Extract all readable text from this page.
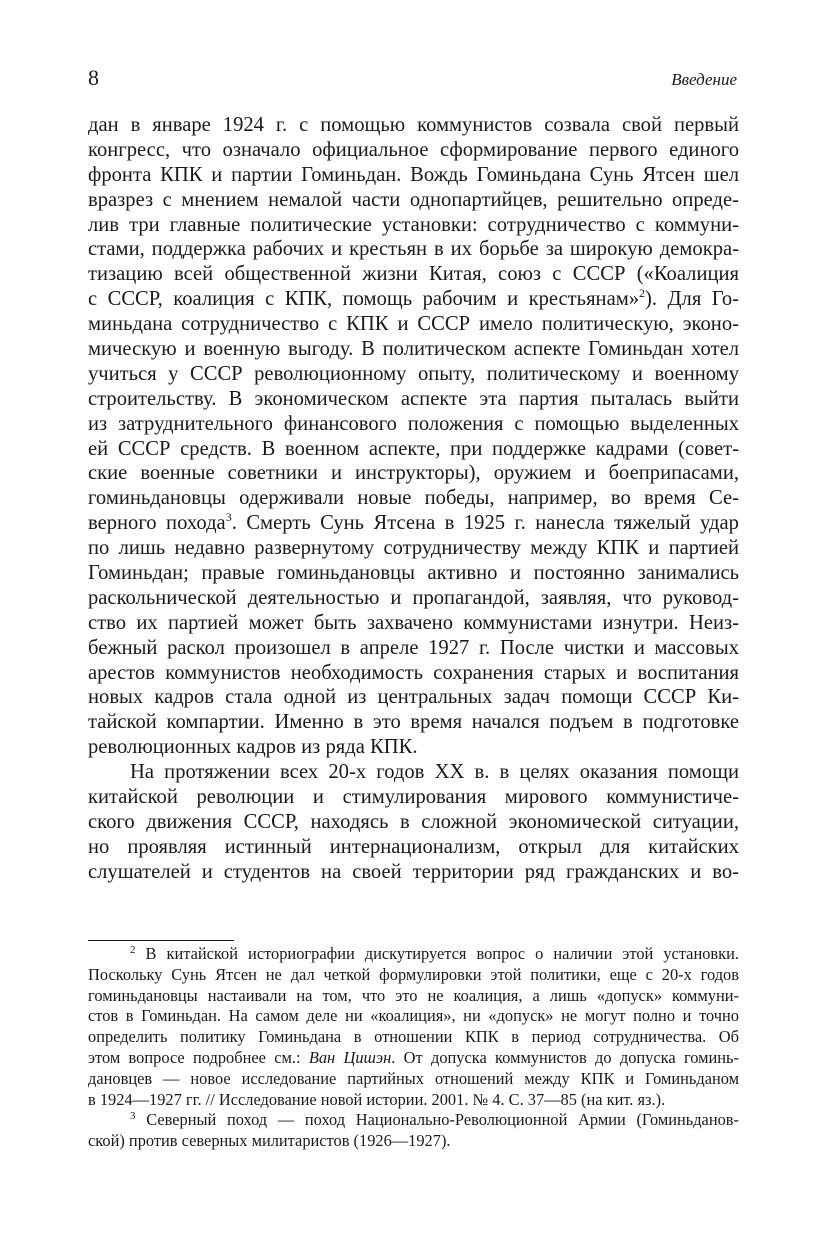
8	Введение
дан в январе 1924 г. с помощью коммунистов созвала свой первый
конгресс, что означало официальное сформирование первого единого
фронта КПК и партии Гоминьдан. Вождь Гоминьдана Сунь Ятсен шел
вразрез с мнением немалой части однопартийцев, решительно опреде-
лив три главные политические установки: сотрудничество с коммуни-
стами, поддержка рабочих и крестьян в их борьбе за широкую демокра-
тизацию всей общественной жизни Китая, союз с СССР («Коалиция
с СССР, коалиция с КПК, помощь рабочим и крестьянам»$^2$). Для Го-
миньдана сотрудничество с КПК и СССР имело политическую, эконо-
мическую и военную выгоду. В политическом аспекте Гоминьдан хотел
учиться у СССР революционному опыту, политическому и военному
строительству. В экономическом аспекте эта партия пыталась выйти
из затруднительного финансового положения с помощью выделенных
ей СССР средств. В военном аспекте, при поддержке кадрами (совет-
ские военные советники и инструкторы), оружием и боеприпасами,
гоминьдановцы одерживали новые победы, например, во время Се-
верного похода$^3$. Смерть Сунь Ятсена в 1925 г. нанесла тяжелый удар
по лишь недавно развернутому сотрудничеству между КПК и партией
Гоминьдан; правые гоминьдановцы активно и постоянно занимались
раскольнической деятельностью и пропагандой, заявляя, что руковод-
ство их партией может быть захвачено коммунистами изнутри. Неиз-
бежный раскол произошел в апреле 1927 г. После чистки и массовых
арестов коммунистов необходимость сохранения старых и воспитания
новых кадров стала одной из центральных задач помощи СССР Ки-
тайской компартии. Именно в это время начался подъем в подготовке
революционных кадров из ряда КПК.
На протяжении всех 20-х годов XX в. в целях оказания помощи
китайской революции и стимулирования мирового коммунистиче-
ского движения СССР, находясь в сложной экономической ситуации,
но проявляя истинный интернационализм, открыл для китайских
слушателей и студентов на своей территории ряд гражданских и во-
$^2$ В китайской историографии дискутируется вопрос о наличии этой установки.
Поскольку Сунь Ятсен не дал четкой формулировки этой политики, еще с 20-х годов
гоминьдановцы настаивали на том, что это не коалиция, а лишь «допуск» коммуни-
стов в Гоминьдан. На самом деле ни «коалиция», ни «допуск» не могут полно и точно
определить политику Гоминьдана в отношении КПК в период сотрудничества. Об
этом вопросе подробнее см.: Ван Цишэн. От допуска коммунистов до допуска гоминь-
дановцев — новое исследование партийных отношений между КПК и Гоминьданом
в 1924—1927 гг. // Исследование новой истории. 2001. № 4. С. 37—85 (на кит. яз.).
$^3$ Северный поход — поход Национально-Революционной Армии (Гоминьданов-
ской) против северных милитаристов (1926—1927).
